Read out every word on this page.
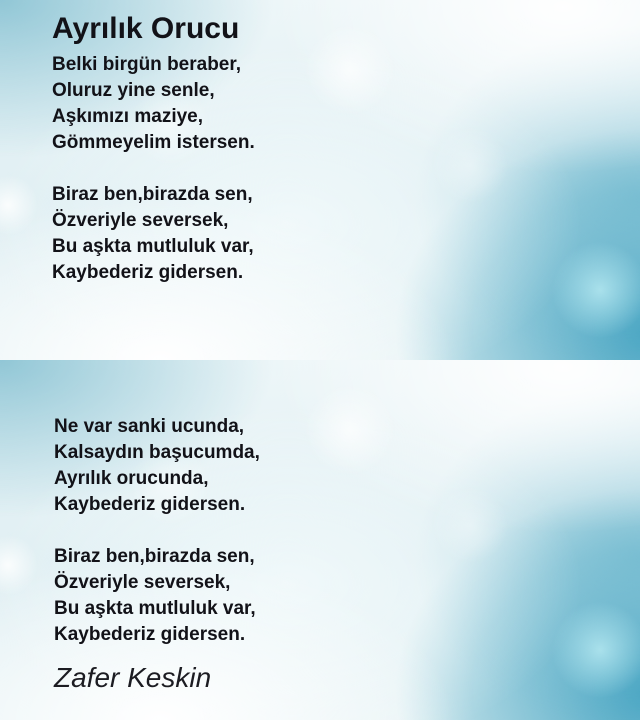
Ayrılık Orucu
Belki birgün beraber,
Oluruz yine senle,
Aşkımızı maziye,
Gömmeyelim istersen.
Biraz ben,birazda sen,
Özveriyle seversek,
Bu aşkta mutluluk var,
Kaybederiz gidersen.
Ne var sanki ucunda,
Kalsaydın başucumda,
Ayrılık orucunda,
Kaybederiz gidersen.
Biraz ben,birazda sen,
Özveriyle seversek,
Bu aşkta mutluluk var,
Kaybederiz gidersen.
Zafer Keskin
